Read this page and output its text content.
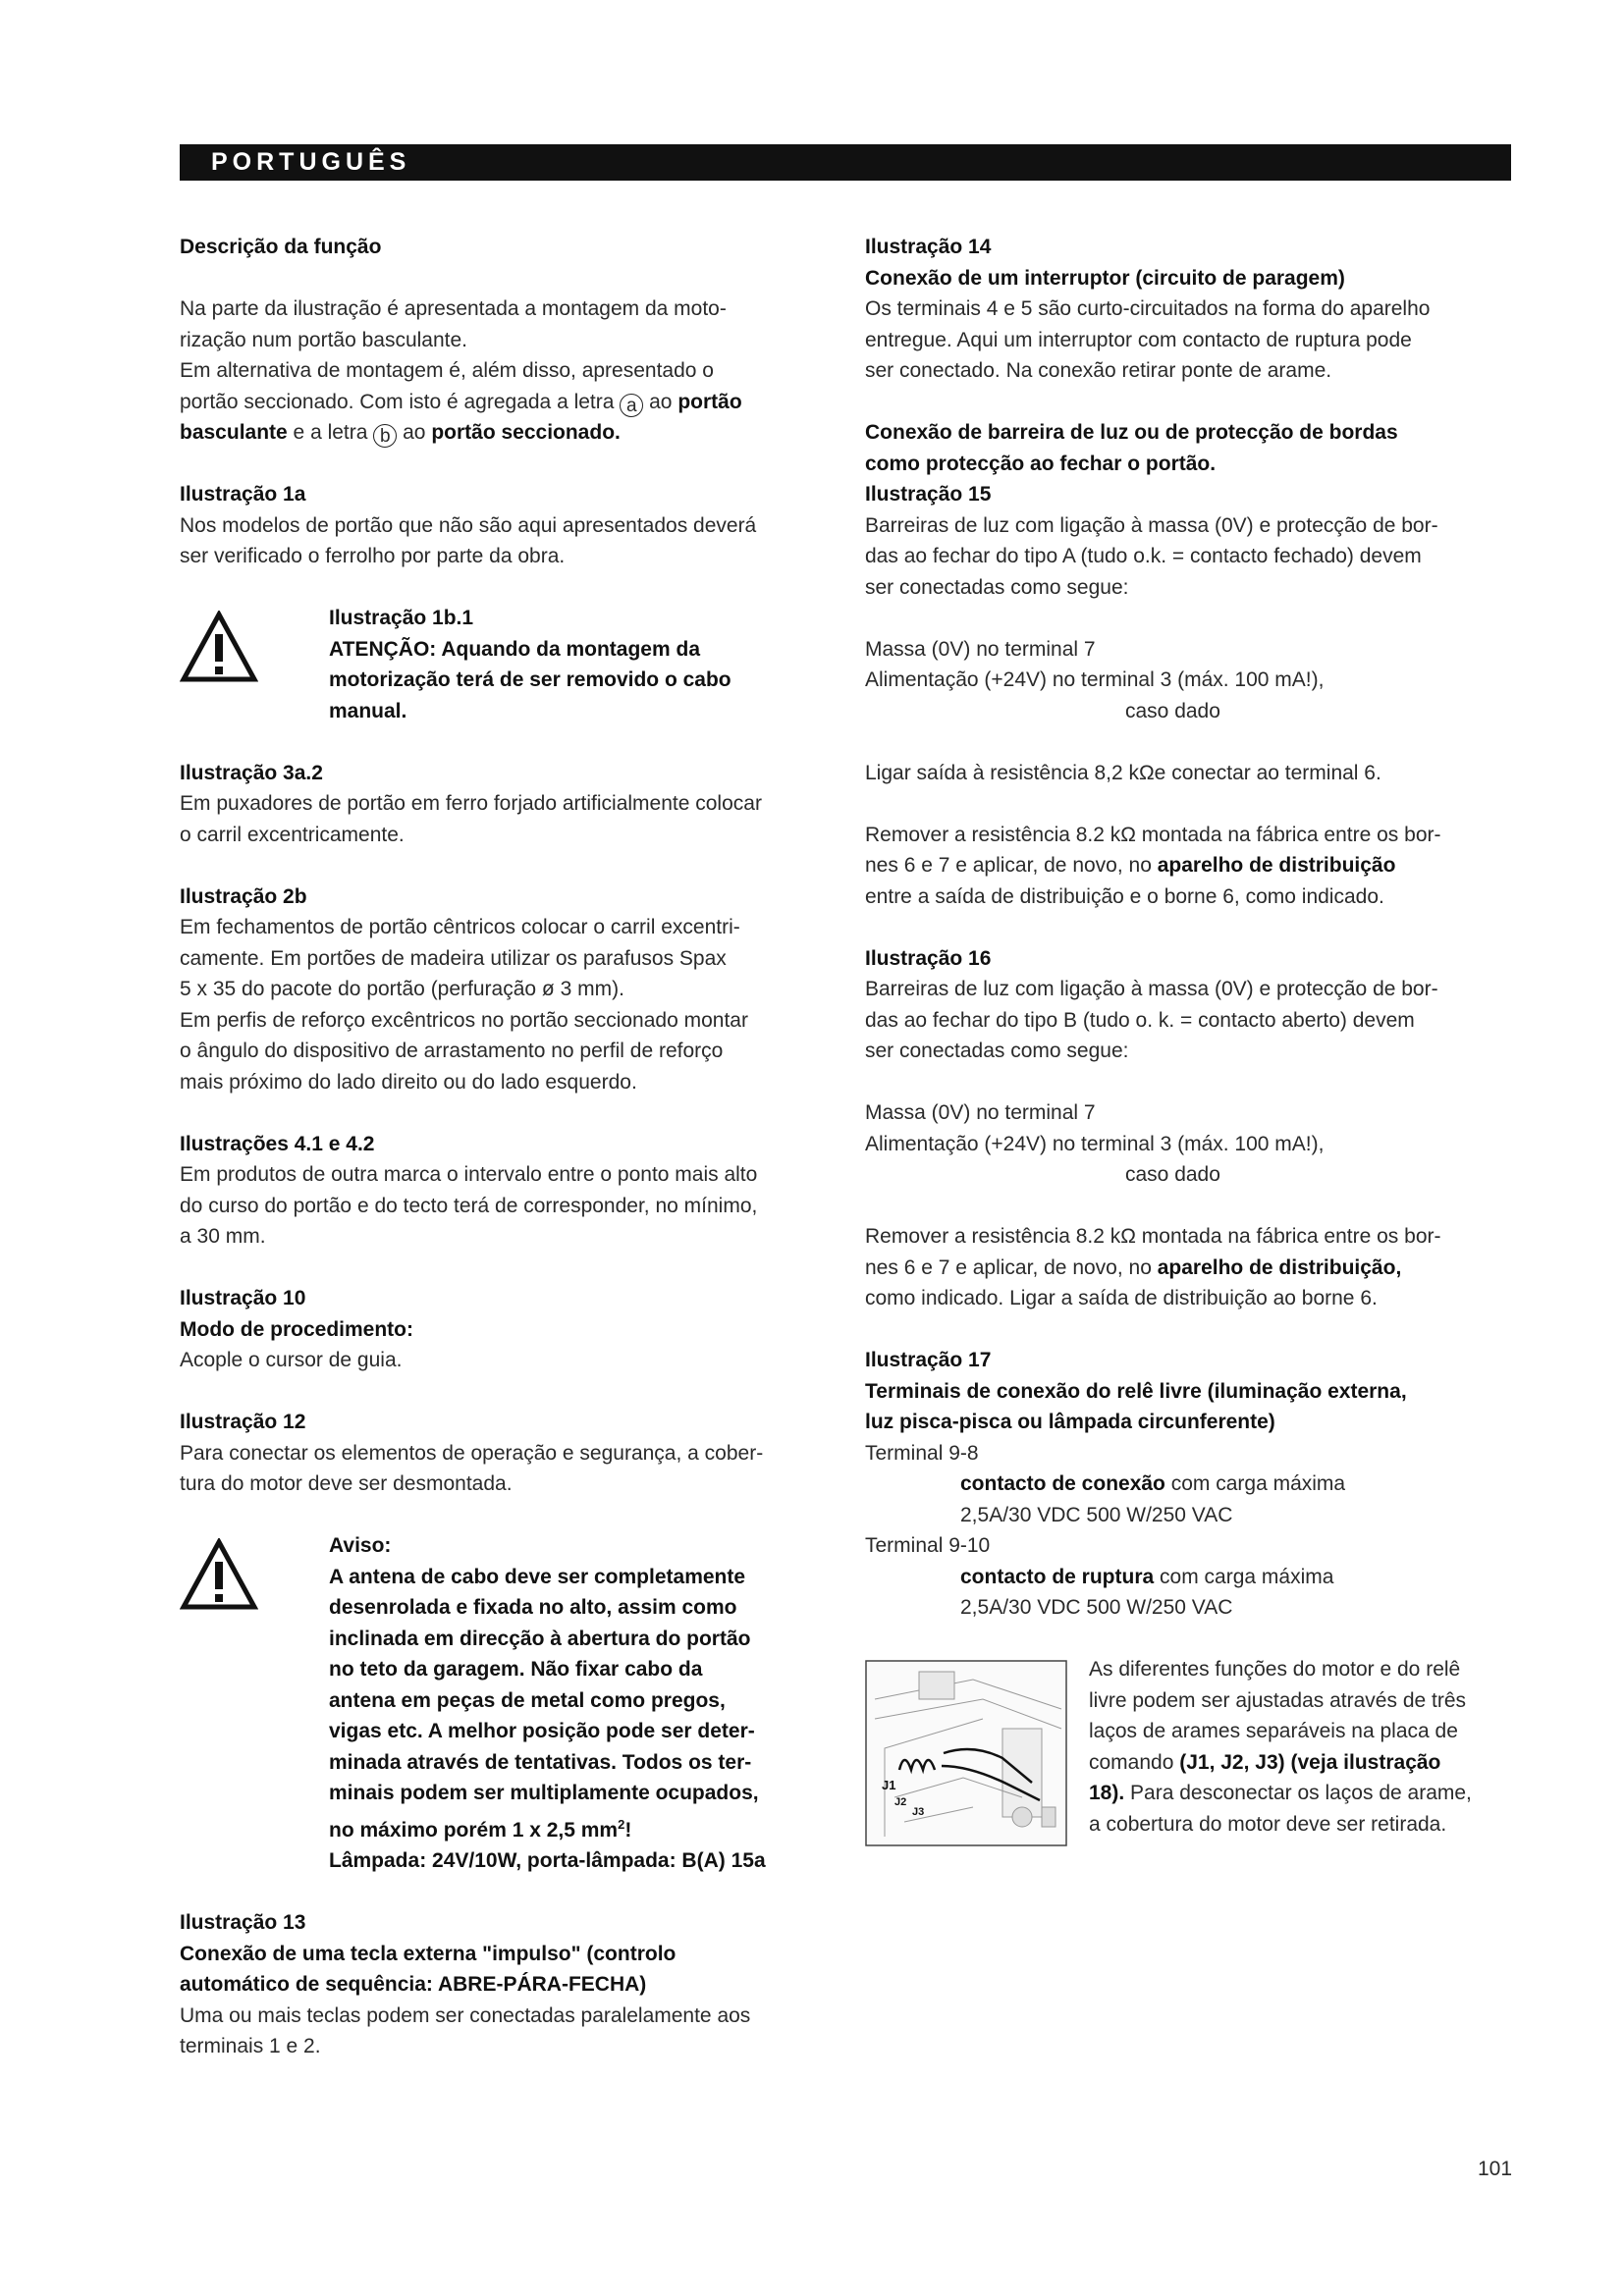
PORTUGUÊS

Descrição da função

Na parte da ilustração é apresentada a montagem da moto-

rização num portão basculante.

Em alternativa de montagem é, além disso, apresentado o

portão seccionado. Com isto é agregada a letra a ao portão

basculante e a letra b ao portão seccionado.

Ilustração 1a

Nos modelos de portão que não são aqui apresentados deverá

ser verificado o ferrolho por parte da obra.

Ilustração 1b.1

ATENÇÃO: Aquando da montagem da

motorização terá de ser removido o cabo

manual.

Ilustração 3a.2

Em puxadores de portão em ferro forjado artificialmente colocar

o carril excentricamente.

Ilustração 2b

Em fechamentos de portão cêntricos colocar o carril excentri-

camente. Em portões de madeira utilizar os parafusos Spax

5 x 35 do pacote do portão (perfuração ø 3 mm).

Em perfis de reforço excêntricos no portão seccionado montar

o ângulo do dispositivo de arrastamento no perfil de reforço

mais próximo do lado direito ou do lado esquerdo.

Ilustrações 4.1 e 4.2

Em produtos de outra marca o intervalo entre o ponto mais alto

do curso do portão e do tecto terá de corresponder, no mínimo,

a 30 mm.

Ilustração 10

Modo de procedimento:

Acople o cursor de guia.

Ilustração 12

Para conectar os elementos de operação e segurança, a cober-

tura do motor deve ser desmontada.

Aviso:

A antena de cabo deve ser completamente

desenrolada e fixada no alto, assim como

inclinada em direcção à abertura do portão

no teto da garagem. Não fixar cabo da

antena em peças de metal como pregos,

vigas etc. A melhor posição pode ser deter-

minada através de tentativas. Todos os ter-

minais podem ser multiplamente ocupados,

no máximo porém 1 x 2,5 $mm^2$!

Lâmpada: 24V/10W, porta-lâmpada: B(A) 15a

Ilustração 13

Conexão de uma tecla externa "impulso" (controlo

automático de sequência: ABRE-PÁRA-FECHA)

Uma ou mais teclas podem ser conectadas paralelamente aos

terminais 1 e 2.

Ilustração 14

Conexão de um interruptor (circuito de paragem)

Os terminais 4 e 5 são curto-circuitados na forma do aparelho

entregue. Aqui um interruptor com contacto de ruptura pode

ser conectado. Na conexão retirar ponte de arame.

Conexão de barreira de luz ou de protecção de bordas

como protecção ao fechar o portão.

Ilustração 15

Barreiras de luz com ligação à massa (0V) e protecção de bor-

das ao fechar do tipo A (tudo o.k. = contacto fechado) devem

ser conectadas como segue:

Massa (0V) no terminal 7

Alimentação (+24V) no terminal 3 (máx. 100 mA!),

caso dado

Ligar saída à resistência 8,2 kΩe conectar ao terminal 6.

Remover a resistência 8.2 kΩ montada na fábrica entre os bor-

nes 6 e 7 e aplicar, de novo, no aparelho de distribuição

entre a saída de distribuição e o borne 6, como indicado.

Ilustração 16

Barreiras de luz com ligação à massa (0V) e protecção de bor-

das ao fechar do tipo B (tudo o. k. = contacto aberto) devem

ser conectadas como segue:

Massa (0V) no terminal 7

Alimentação (+24V) no terminal 3 (máx. 100 mA!),

caso dado

Remover a resistência 8.2 kΩ montada na fábrica entre os bor-

nes 6 e 7 e aplicar, de novo, no aparelho de distribuição,

como indicado. Ligar a saída de distribuição ao borne 6.

Ilustração 17

Terminais de conexão do relê livre (iluminação externa,

luz pisca-pisca ou lâmpada circunferente)

Terminal 9-8

contacto de conexão com carga máxima

2,5A/30 VDC 500 W/250 VAC

Terminal 9-10

contacto de ruptura com carga máxima

2,5A/30 VDC 500 W/250 VAC

J1
J2
J3

As diferentes funções do motor e do relê

livre podem ser ajustadas através de três

laços de arames separáveis na placa de

comando (J1, J2, J3) (veja ilustração

18). Para desconectar os laços de arame,

a cobertura do motor deve ser retirada.

101
